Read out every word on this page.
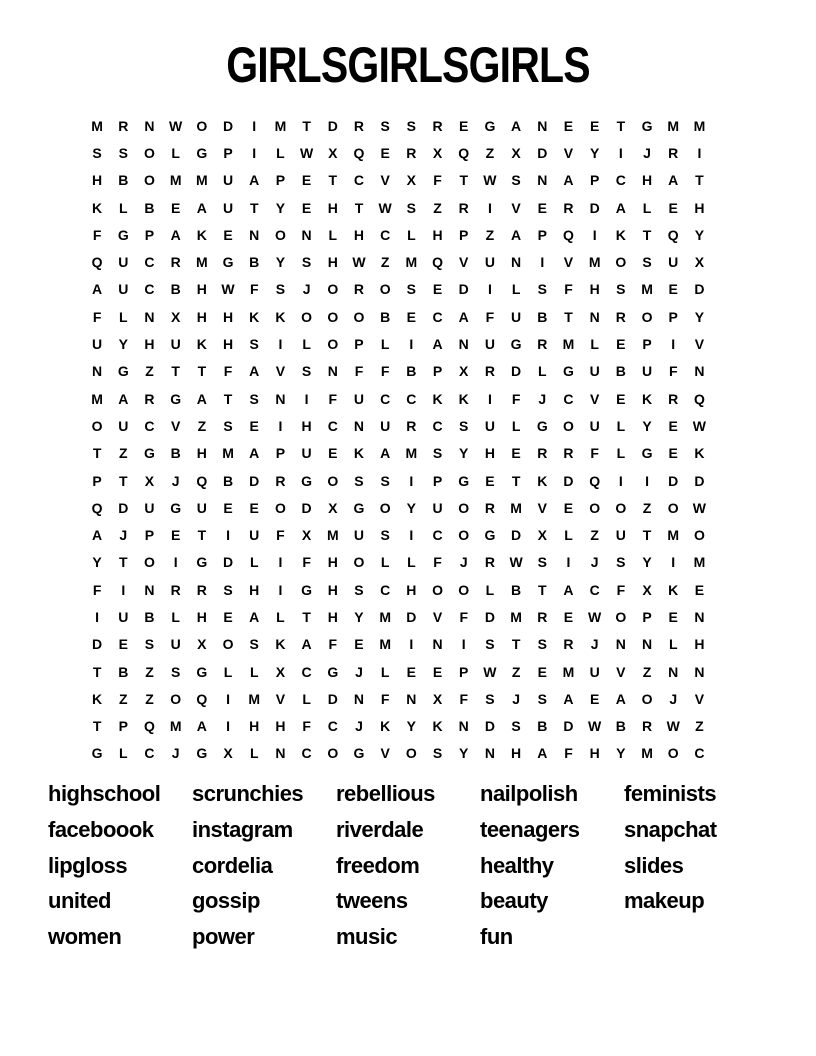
GIRLSGIRLSGIRLS
M	R	N	W	O	D	I	M	T	D	R	S	S	R	E	G	A	N	E	E	T	G	M	M
S	S	O	L	G	P	I	L	W	X	Q	E	R	X	Q	Z	X	D	V	Y	I	J	R	I
H	B	O	M	M	U	A	P	E	T	C	V	X	F	T	W	S	N	A	P	C	H	A	T
K	L	B	E	A	U	T	Y	E	H	T	W	S	Z	R	I	V	E	R	D	A	L	E	H
F	G	P	A	K	E	N	O	N	L	H	C	L	H	P	Z	A	P	Q	I	K	T	Q	Y
Q	U	C	R	M	G	B	Y	S	H	W	Z	M	Q	V	U	N	I	V	M	O	S	U	X
A	U	C	B	H	W	F	S	J	O	R	O	S	E	D	I	L	S	F	H	S	M	E	D
F	L	N	X	H	H	K	K	O	O	O	B	E	C	A	F	U	B	T	N	R	O	P	Y
U	Y	H	U	K	H	S	I	L	O	P	L	I	A	N	U	G	R	M	L	E	P	I	V
N	G	Z	T	T	F	A	V	S	N	F	F	B	P	X	R	D	L	G	U	B	U	F	N
M	A	R	G	A	T	S	N	I	F	U	C	C	K	K	I	F	J	C	V	E	K	R	Q
O	U	C	V	Z	S	E	I	H	C	N	U	R	C	S	U	L	G	O	U	L	Y	E	W
T	Z	G	B	H	M	A	P	U	E	K	A	M	S	Y	H	E	R	R	F	L	G	E	K
P	T	X	J	Q	B	D	R	G	O	S	S	I	P	G	E	T	K	D	Q	I	I	D	D
Q	D	U	G	U	E	E	O	D	X	G	O	Y	U	O	R	M	V	E	O	O	Z	O	W
A	J	P	E	T	I	U	F	X	M	U	S	I	C	O	G	D	X	L	Z	U	T	M	O
Y	T	O	I	G	D	L	I	F	H	O	L	L	F	J	R	W	S	I	J	S	Y	I	M
F	I	N	R	R	S	H	I	G	H	S	C	H	O	O	L	B	T	A	C	F	X	K	E
I	U	B	L	H	E	A	L	T	H	Y	M	D	V	F	D	M	R	E	W	O	P	E	N
D	E	S	U	X	O	S	K	A	F	E	M	I	N	I	S	T	S	R	J	N	N	L	H
T	B	Z	S	G	L	L	X	C	G	J	L	E	E	P	W	Z	E	M	U	V	Z	N	N
K	Z	Z	O	Q	I	M	V	L	D	N	F	N	X	F	S	J	S	A	E	A	O	J	V
T	P	Q	M	A	I	H	H	F	C	J	K	Y	K	N	D	S	B	D	W	B	R	W	Z
G	L	C	J	G	X	L	N	C	O	G	V	O	S	Y	N	H	A	F	H	Y	M	O	C
highschool	scrunchies	rebellious	nailpolish	feminists
faceboook	instagram	riverdale	teenagers	snapchat
lipgloss	cordelia	freedom	healthy	slides
united	gossip	tweens	beauty	makeup
women	power	music	fun
